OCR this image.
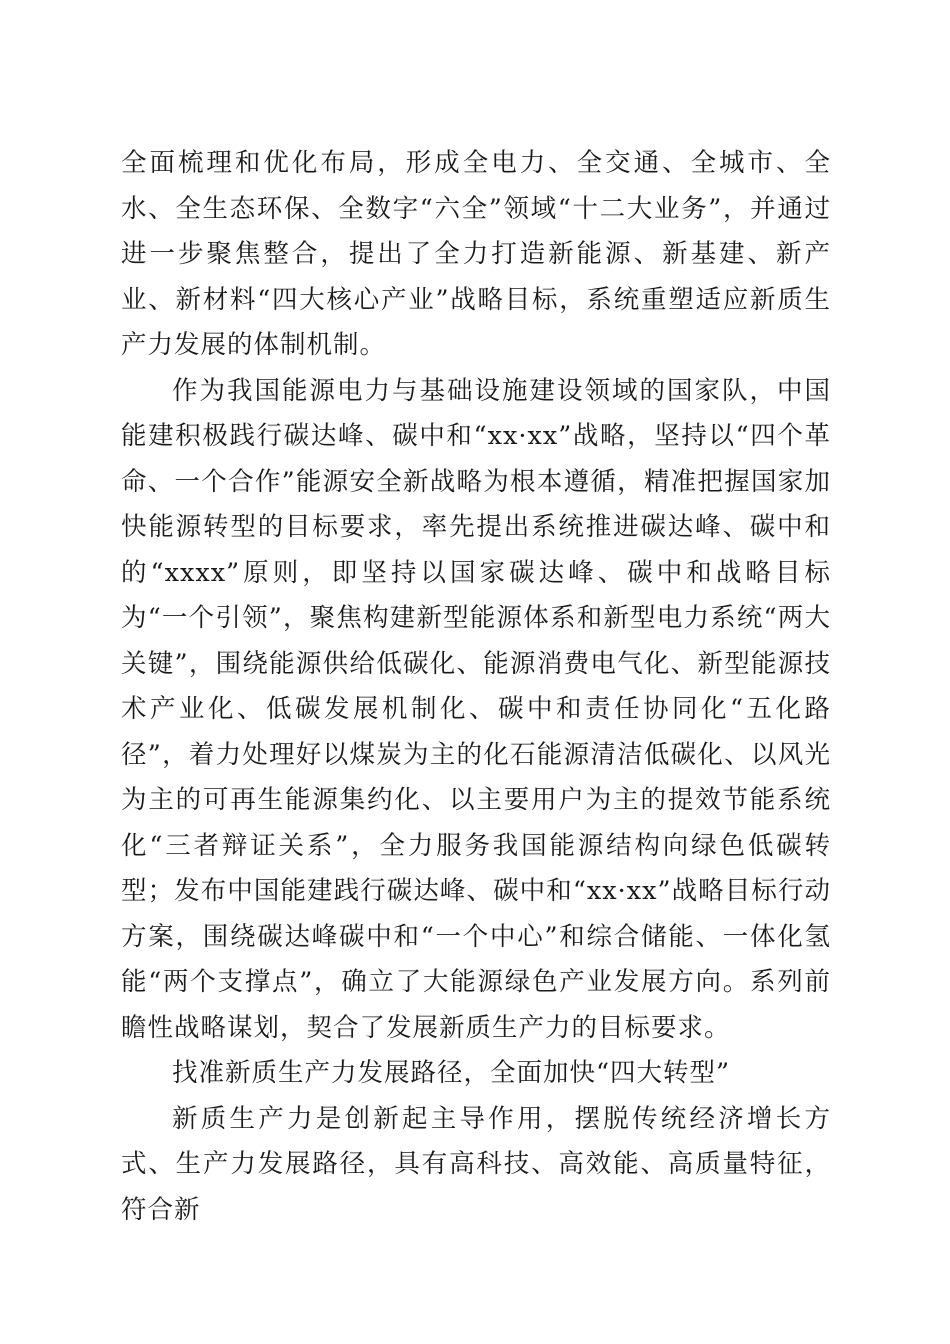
全面梳理和优化布局，形成全电力、全交通、全城市、全水、全生态环保、全数字“六全”领域“十二大业务”，并通过进一步聚焦整合，提出了全力打造新能源、新基建、新产业、新材料“四大核心产业”战略目标，系统重塑适应新质生产力发展的体制机制。

作为我国能源电力与基础设施建设领域的国家队，中国能建积极践行碳达峰、碳中和“xx·xx”战略，坚持以“四个革命、一个合作”能源安全新战略为根本遵循，精准把握国家加快能源转型的目标要求，率先提出系统推进碳达峰、碳中和的“xxxx”原则，即坚持以国家碳达峰、碳中和战略目标为“一个引领”，聚焦构建新型能源体系和新型电力系统“两大关键”，围绕能源供给低碳化、能源消费电气化、新型能源技术产业化、低碳发展机制化、碳中和责任协同化“五化路径”，着力处理好以煤炭为主的化石能源清洁低碳化、以风光为主的可再生能源集约化、以主要用户为主的提效节能系统化“三者辩证关系”，全力服务我国能源结构向绿色低碳转型；发布中国能建践行碳达峰、碳中和“xx·xx”战略目标行动方案，围绕碳达峰碳中和“一个中心”和综合储能、一体化氢能“两个支撑点”，确立了大能源绿色产业发展方向。系列前瞻性战略谋划，契合了发展新质生产力的目标要求。

找准新质生产力发展路径，全面加快“四大转型”

新质生产力是创新起主导作用，摆脱传统经济增长方式、生产力发展路径，具有高科技、高效能、高质量特征，符合新
